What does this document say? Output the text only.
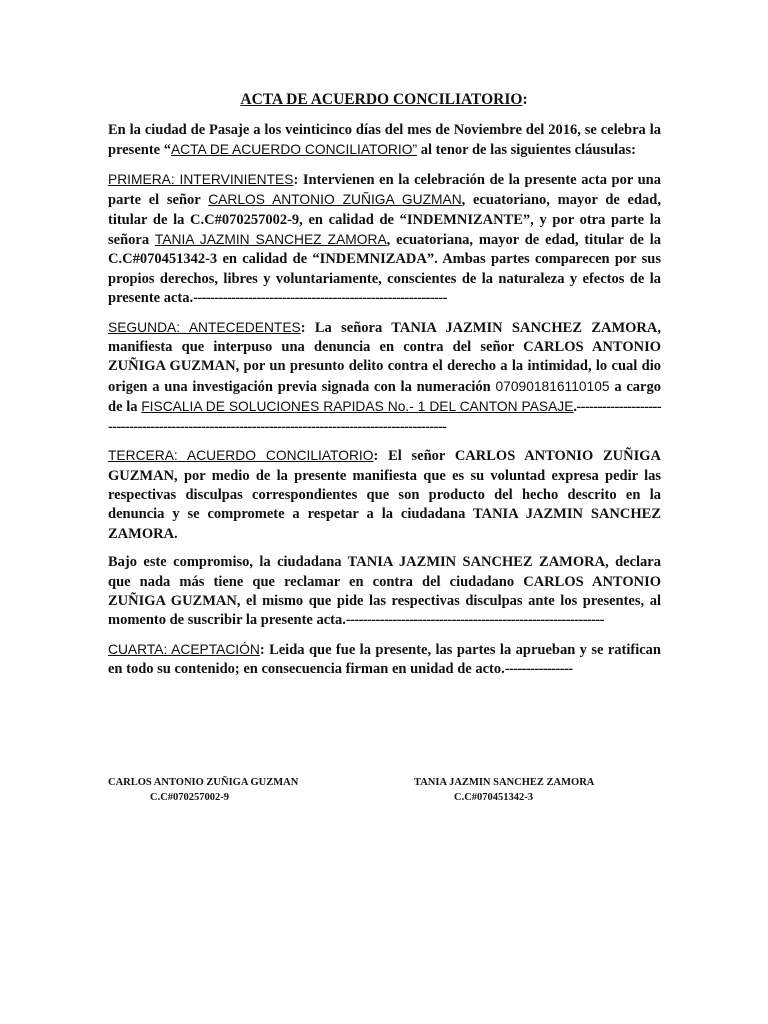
ACTA DE ACUERDO CONCILIATORIO:

En la ciudad de Pasaje a los veinticinco días del mes de Noviembre del 2016, se celebra la presente “ACTA DE ACUERDO CONCILIATORIO” al tenor de las siguientes cláusulas:

PRIMERA: INTERVINIENTES: Intervienen en la celebración de la presente acta por una parte el señor CARLOS ANTONIO ZUÑIGA GUZMAN, ecuatoriano, mayor de edad, titular de la C.C#070257002-9, en calidad de “INDEMNIZANTE”, y por otra parte la señora TANIA JAZMIN SANCHEZ ZAMORA, ecuatoriana, mayor de edad, titular de la C.C#070451342-3 en calidad de “INDEMNIZADA”. Ambas partes comparecen por sus propios derechos, libres y voluntariamente, conscientes de la naturaleza y efectos de la presente acta.------------------------------------------------------------

SEGUNDA: ANTECEDENTES: La señora TANIA JAZMIN SANCHEZ ZAMORA, manifiesta que interpuso una denuncia en contra del señor CARLOS ANTONIO ZUÑIGA GUZMAN, por un presunto delito contra el derecho a la intimidad, lo cual dio origen a una investigación previa signada con la numeración 070901816110105 a cargo de la FISCALIA DE SOLUCIONES RAPIDAS No.- 1 DEL CANTON PASAJE.----------------------------------------------------------------------------------------------------

TERCERA: ACUERDO CONCILIATORIO: El señor CARLOS ANTONIO ZUÑIGA GUZMAN, por medio de la presente manifiesta que es su voluntad expresa pedir las respectivas disculpas correspondientes que son producto del hecho descrito en la denuncia y se compromete a respetar a la ciudadana TANIA JAZMIN SANCHEZ ZAMORA.

Bajo este compromiso, la ciudadana TANIA JAZMIN SANCHEZ ZAMORA, declara que nada más tiene que reclamar en contra del ciudadano CARLOS ANTONIO ZUÑIGA GUZMAN, el mismo que pide las respectivas disculpas ante los presentes, al momento de suscribir la presente acta.-------------------------------------------------------------

CUARTA: ACEPTACIÓN: Leida que fue la presente, las partes la aprueban y se ratifican en todo su contenido; en consecuencia firman en unidad de acto.----------------

CARLOS ANTONIO ZUÑIGA GUZMAN
C.C#070257002-9
TANIA JAZMIN SANCHEZ ZAMORA
C.C#070451342-3
